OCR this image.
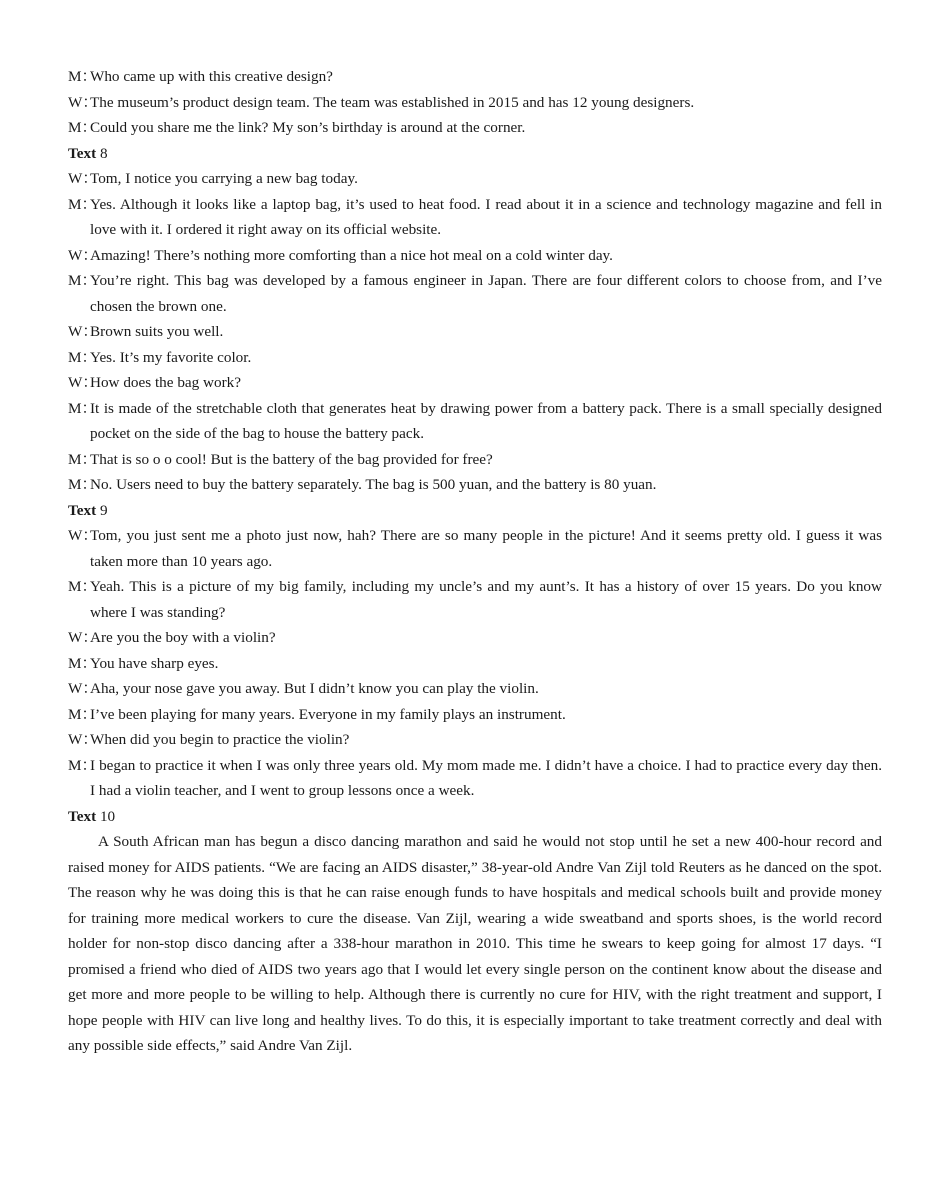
M：Who came up with this creative design?

W：The museum’s product design team. The team was established in 2015 and has 12 young designers.

M：Could you share me the link? My son’s birthday is around at the corner.

Text 8

W：Tom, I notice you carrying a new bag today.

M：Yes. Although it looks like a laptop bag, it’s used to heat food. I read about it in a science and technology magazine and fell in love with it. I ordered it right away on its official website.

W：Amazing! There’s nothing more comforting than a nice hot meal on a cold winter day.

M：You’re right. This bag was developed by a famous engineer in Japan. There are four different colors to choose from, and I’ve chosen the brown one.

W：Brown suits you well.

M：Yes. It’s my favorite color.

W：How does the bag work?

M：It is made of the stretchable cloth that generates heat by drawing power from a battery pack. There is a small specially designed pocket on the side of the bag to house the battery pack.

M：That is so o o cool! But is the battery of the bag provided for free?

M：No. Users need to buy the battery separately. The bag is 500 yuan, and the battery is 80 yuan.

Text 9

W：Tom, you just sent me a photo just now, hah? There are so many people in the picture! And it seems pretty old. I guess it was taken more than 10 years ago.

M：Yeah. This is a picture of my big family, including my uncle’s and my aunt’s. It has a history of over 15 years. Do you know where I was standing?

W：Are you the boy with a violin?

M：You have sharp eyes.

W：Aha, your nose gave you away. But I didn’t know you can play the violin.

M：I’ve been playing for many years. Everyone in my family plays an instrument.

W：When did you begin to practice the violin?

M：I began to practice it when I was only three years old. My mom made me. I didn’t have a choice. I had to practice every day then. I had a violin teacher, and I went to group lessons once a week.

Text 10

A South African man has begun a disco dancing marathon and said he would not stop until he set a new 400-hour record and raised money for AIDS patients. “We are facing an AIDS disaster,” 38-year-old Andre Van Zijl told Reuters as he danced on the spot. The reason why he was doing this is that he can raise enough funds to have hospitals and medical schools built and provide money for training more medical workers to cure the disease. Van Zijl, wearing a wide sweatband and sports shoes, is the world record holder for non-stop disco dancing after a 338-hour marathon in 2010. This time he swears to keep going for almost 17 days. “I promised a friend who died of AIDS two years ago that I would let every single person on the continent know about the disease and get more and more people to be willing to help. Although there is currently no cure for HIV, with the right treatment and support, I hope people with HIV can live long and healthy lives. To do this, it is especially important to take treatment correctly and deal with any possible side effects,” said Andre Van Zijl.
